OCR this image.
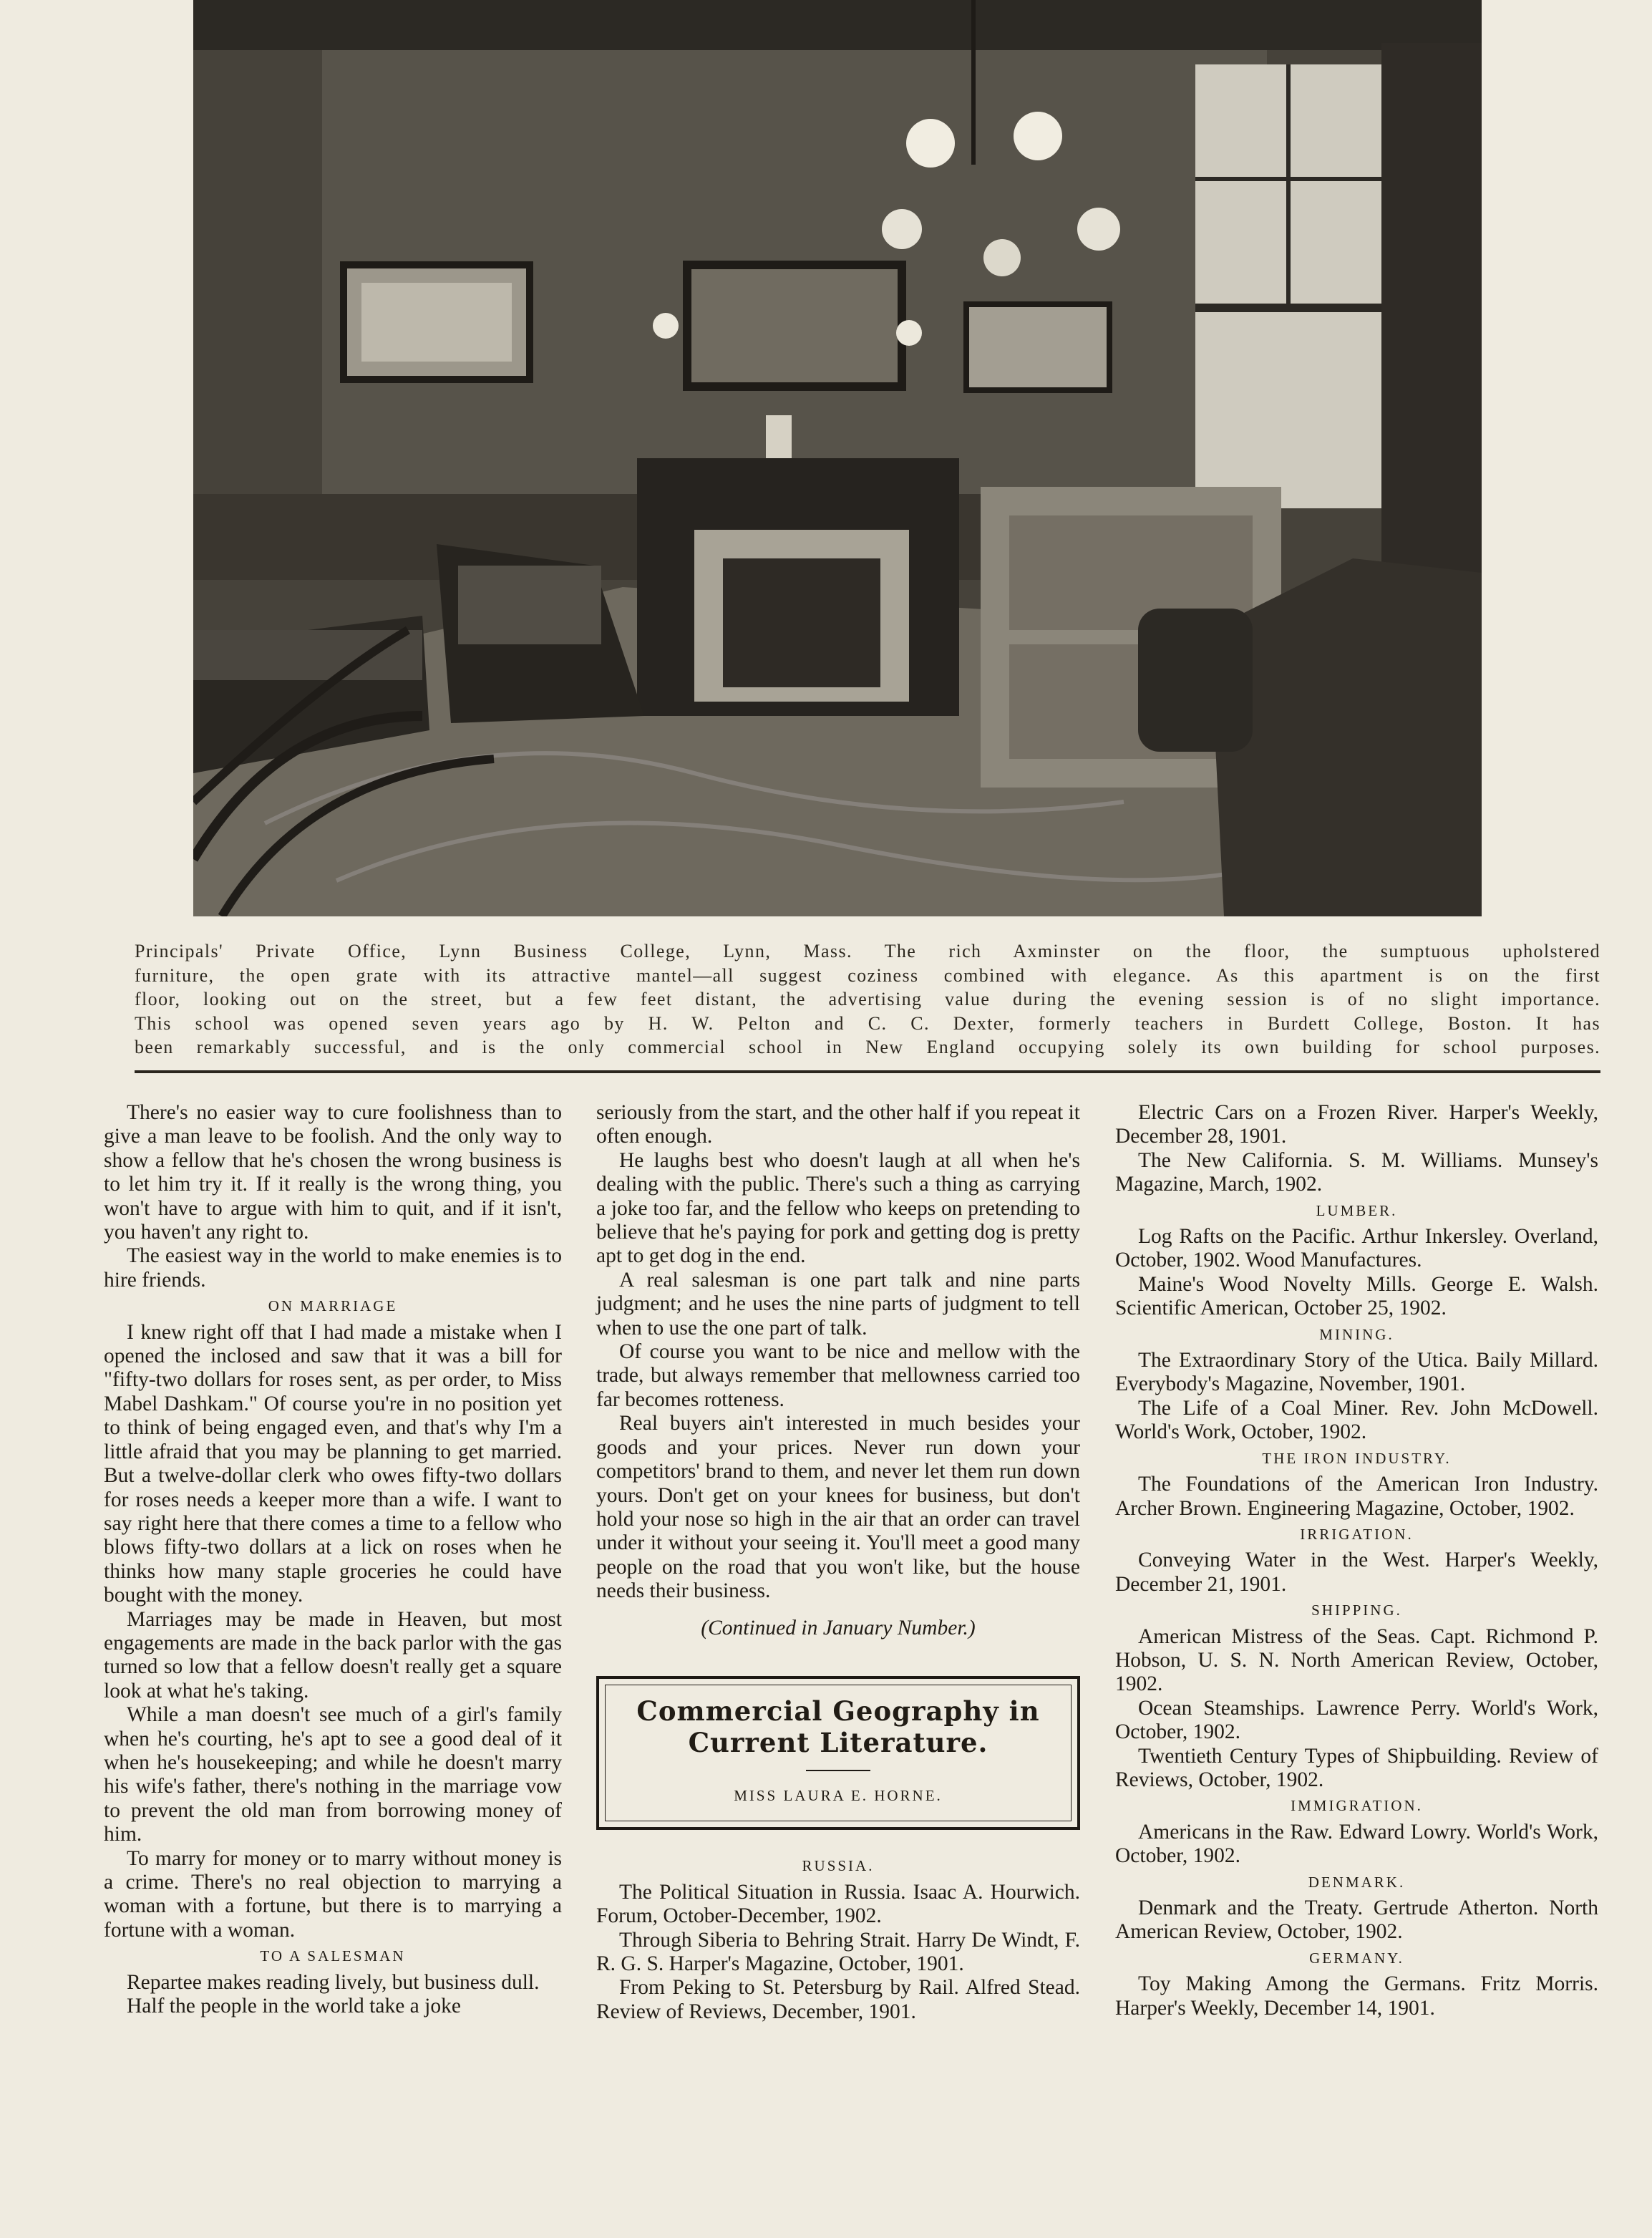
Principals' Private Office, Lynn Business College, Lynn, Mass. The rich Axminster on the floor, the sumptuous upholstered
furniture, the open grate with its attractive mantel—all suggest coziness combined with elegance. As this apartment is on the first
floor, looking out on the street, but a few feet distant, the advertising value during the evening session is of no slight importance.
This school was opened seven years ago by H. W. Pelton and C. C. Dexter, formerly teachers in Burdett College, Boston. It has
been remarkably successful, and is the only commercial school in New England occupying solely its own building for school purposes.

There's no easier way to cure foolishness than to give a man leave to be foolish. And the only way to show a fellow that he's chosen the wrong business is to let him try it. If it really is the wrong thing, you won't have to argue with him to quit, and if it isn't, you haven't any right to.

The easiest way in the world to make enemies is to hire friends.

ON MARRIAGE

I knew right off that I had made a mistake when I opened the inclosed and saw that it was a bill for "fifty-two dollars for roses sent, as per order, to Miss Mabel Dashkam." Of course you're in no position yet to think of being engaged even, and that's why I'm a little afraid that you may be planning to get married. But a twelve-dollar clerk who owes fifty-two dollars for roses needs a keeper more than a wife. I want to say right here that there comes a time to a fellow who blows fifty-two dollars at a lick on roses when he thinks how many staple groceries he could have bought with the money.

Marriages may be made in Heaven, but most engagements are made in the back parlor with the gas turned so low that a fellow doesn't really get a square look at what he's taking.

While a man doesn't see much of a girl's family when he's courting, he's apt to see a good deal of it when he's housekeeping; and while he doesn't marry his wife's father, there's nothing in the marriage vow to prevent the old man from borrowing money of him.

To marry for money or to marry without money is a crime. There's no real objection to marrying a woman with a fortune, but there is to marrying a fortune with a woman.

TO A SALESMAN

Repartee makes reading lively, but business dull.

Half the people in the world take a joke

seriously from the start, and the other half if you repeat it often enough.

He laughs best who doesn't laugh at all when he's dealing with the public. There's such a thing as carrying a joke too far, and the fellow who keeps on pretending to believe that he's paying for pork and getting dog is pretty apt to get dog in the end.

A real salesman is one part talk and nine parts judgment; and he uses the nine parts of judgment to tell when to use the one part of talk.

Of course you want to be nice and mellow with the trade, but always remember that mellowness carried too far becomes rotteness.

Real buyers ain't interested in much besides your goods and your prices. Never run down your competitors' brand to them, and never let them run down yours. Don't get on your knees for business, but don't hold your nose so high in the air that an order can travel under it without your seeing it. You'll meet a good many people on the road that you won't like, but the house needs their business.

(Continued in January Number.)
Commercial Geography in
Current Literature.
MISS LAURA E. HORNE.
RUSSIA.

The Political Situation in Russia. Isaac A. Hourwich. Forum, October-December, 1902.

Through Siberia to Behring Strait. Harry De Windt, F. R. G. S. Harper's Magazine, October, 1901.

From Peking to St. Petersburg by Rail. Alfred Stead. Review of Reviews, December, 1901.

Electric Cars on a Frozen River. Harper's Weekly, December 28, 1901.

The New California. S. M. Williams. Munsey's Magazine, March, 1902.

LUMBER.

Log Rafts on the Pacific. Arthur Inkersley. Overland, October, 1902. Wood Manufactures.

Maine's Wood Novelty Mills. George E. Walsh. Scientific American, October 25, 1902.

MINING.

The Extraordinary Story of the Utica. Baily Millard. Everybody's Magazine, November, 1901.

The Life of a Coal Miner. Rev. John McDowell. World's Work, October, 1902.

THE IRON INDUSTRY.

The Foundations of the American Iron Industry. Archer Brown. Engineering Magazine, October, 1902.

IRRIGATION.

Conveying Water in the West. Harper's Weekly, December 21, 1901.

SHIPPING.

American Mistress of the Seas. Capt. Richmond P. Hobson, U. S. N. North American Review, October, 1902.

Ocean Steamships. Lawrence Perry. World's Work, October, 1902.

Twentieth Century Types of Shipbuilding. Review of Reviews, October, 1902.

IMMIGRATION.

Americans in the Raw. Edward Lowry. World's Work, October, 1902.

DENMARK.

Denmark and the Treaty. Gertrude Atherton. North American Review, October, 1902.

GERMANY.

Toy Making Among the Germans. Fritz Morris. Harper's Weekly, December 14, 1901.
